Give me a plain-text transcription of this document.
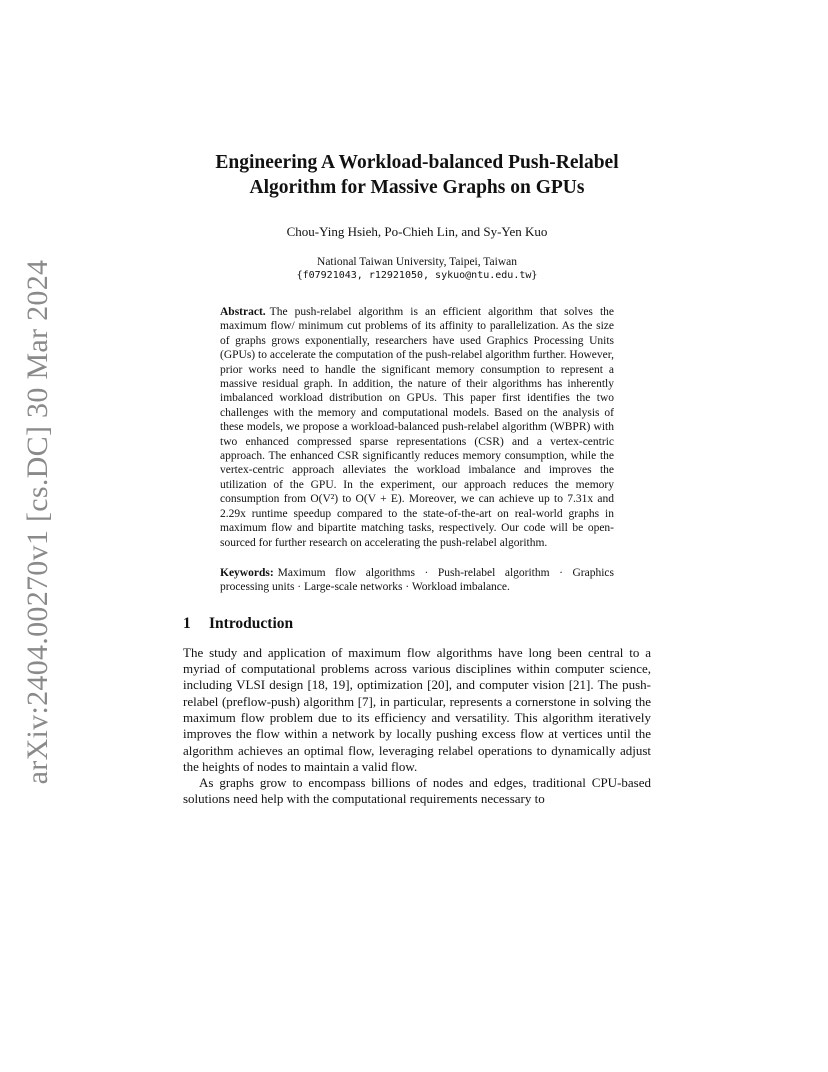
arXiv:2404.00270v1 [cs.DC] 30 Mar 2024
Engineering A Workload-balanced Push-Relabel
Algorithm for Massive Graphs on GPUs
Chou-Ying Hsieh, Po-Chieh Lin, and Sy-Yen Kuo
National Taiwan University, Taipei, Taiwan
{f07921043, r12921050, sykuo@ntu.edu.tw}
Abstract. The push-relabel algorithm is an efficient algorithm that solves the maximum flow/ minimum cut problems of its affinity to parallelization. As the size of graphs grows exponentially, researchers have used Graphics Processing Units (GPUs) to accelerate the computation of the push-relabel algorithm further. However, prior works need to handle the significant memory consumption to represent a massive residual graph. In addition, the nature of their algorithms has inherently imbalanced workload distribution on GPUs. This paper first identifies the two challenges with the memory and computational models. Based on the analysis of these models, we propose a workload-balanced push-relabel algorithm (WBPR) with two enhanced compressed sparse representations (CSR) and a vertex-centric approach. The enhanced CSR significantly reduces memory consumption, while the vertex-centric approach alleviates the workload imbalance and improves the utilization of the GPU. In the experiment, our approach reduces the memory consumption from O(V²) to O(V + E). Moreover, we can achieve up to 7.31x and 2.29x runtime speedup compared to the state-of-the-art on real-world graphs in maximum flow and bipartite matching tasks, respectively. Our code will be open-sourced for further research on accelerating the push-relabel algorithm.
Keywords: Maximum flow algorithms · Push-relabel algorithm · Graphics processing units · Large-scale networks · Workload imbalance.
1 Introduction

The study and application of maximum flow algorithms have long been central to a myriad of computational problems across various disciplines within computer science, including VLSI design [18, 19], optimization [20], and computer vision [21]. The push-relabel (preflow-push) algorithm [7], in particular, represents a cornerstone in solving the maximum flow problem due to its efficiency and versatility. This algorithm iteratively improves the flow within a network by locally pushing excess flow at vertices until the algorithm achieves an optimal flow, leveraging relabel operations to dynamically adjust the heights of nodes to maintain a valid flow.

As graphs grow to encompass billions of nodes and edges, traditional CPU-based solutions need help with the computational requirements necessary to
